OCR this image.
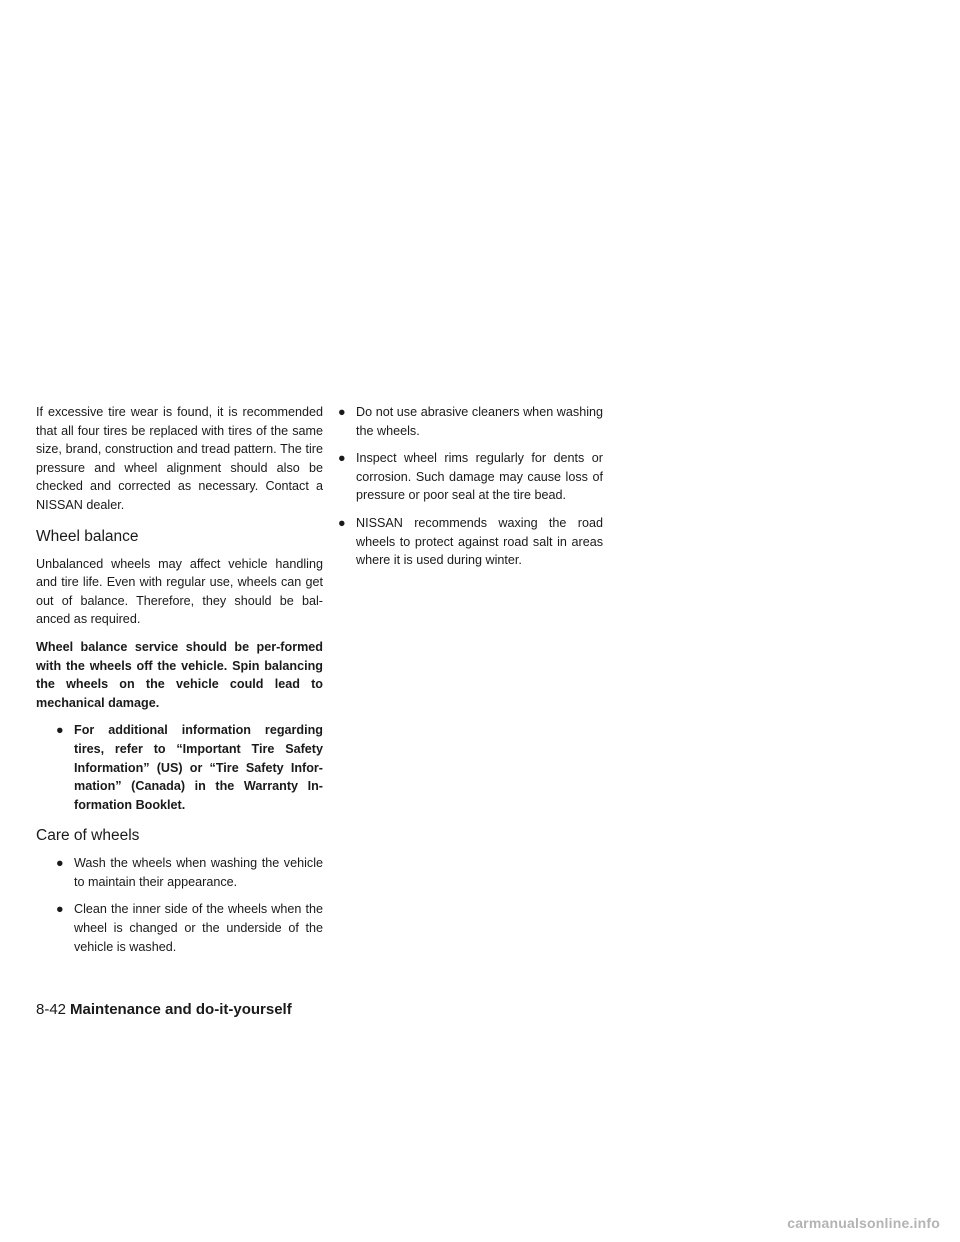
If excessive tire wear is found, it is recommended that all four tires be replaced with tires of the same size, brand, construction and tread pattern. The tire pressure and wheel alignment should also be checked and corrected as necessary. Contact a NISSAN dealer.

Wheel balance

Unbalanced wheels may affect vehicle handling and tire life. Even with regular use, wheels can get out of balance. Therefore, they should be bal-anced as required.

Wheel balance service should be per-formed with the wheels off the vehicle. Spin balancing the wheels on the vehicle could lead to mechanical damage.

● For additional information regarding tires, refer to “Important Tire Safety Information” (US) or “Tire Safety Infor-mation” (Canada) in the Warranty In-formation Booklet.
Care of wheels
● Wash the wheels when washing the vehicle to maintain their appearance.
● Clean the inner side of the wheels when the wheel is changed or the underside of the vehicle is washed.
● Do not use abrasive cleaners when washing the wheels.
● Inspect wheel rims regularly for dents or corrosion. Such damage may cause loss of pressure or poor seal at the tire bead.
● NISSAN recommends waxing the road wheels to protect against road salt in areas where it is used during winter.
8-42 Maintenance and do-it-yourself
carmanualsonline.info
